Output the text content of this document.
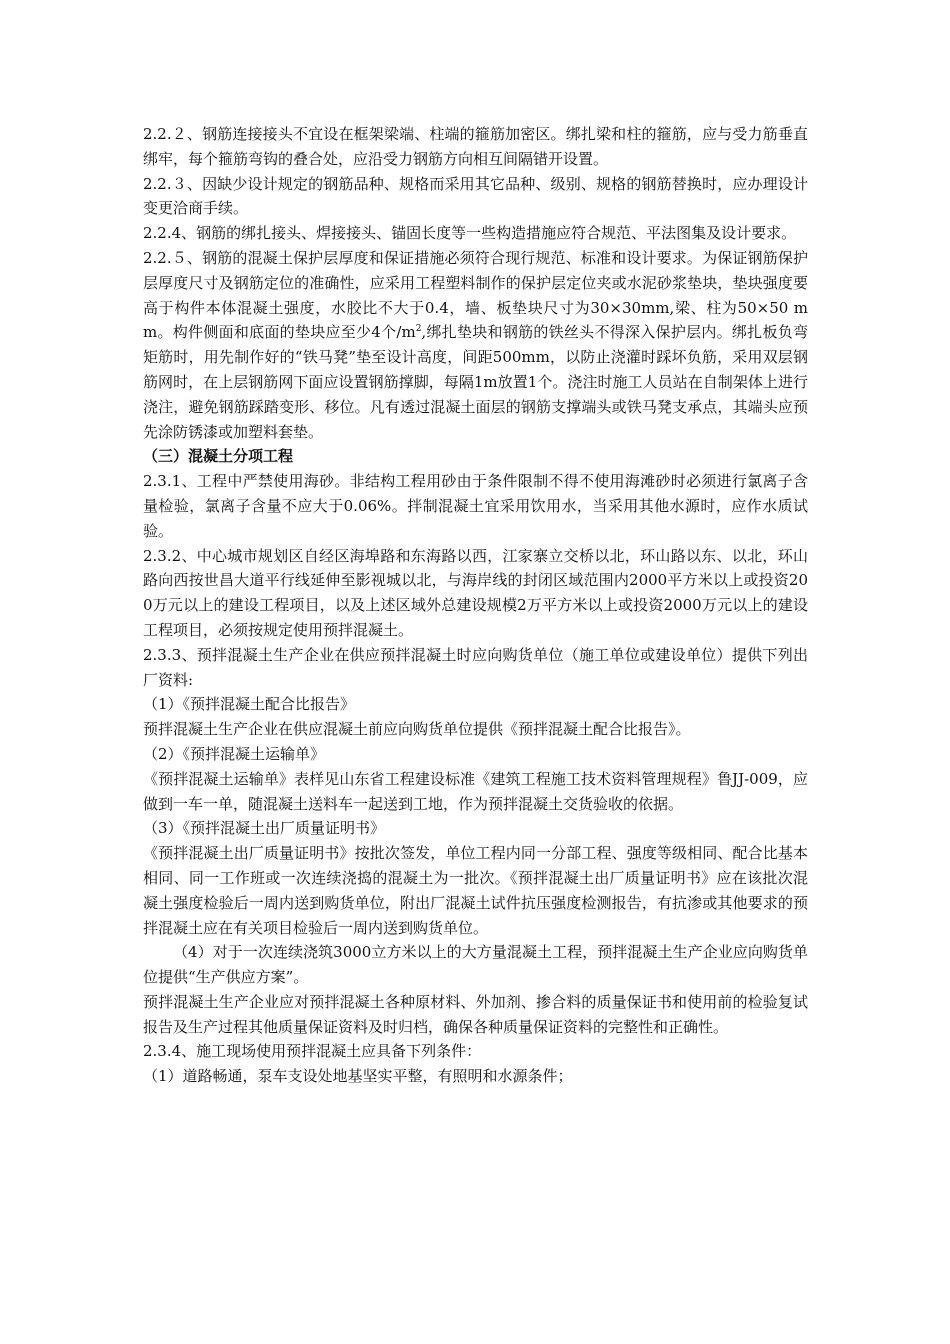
2.2.２、钢筋连接接头不宜设在框架梁端、柱端的箍筋加密区。绑扎梁和柱的箍筋，应与受力筋垂直绑牢，每个箍筋弯钩的叠合处，应沿受力钢筋方向相互间隔错开设置。

2.2.３、因缺少设计规定的钢筋品种、规格而采用其它品种、级别、规格的钢筋替换时，应办理设计变更洽商手续。

2.2.4、钢筋的绑扎接头、焊接接头、锚固长度等一些构造措施应符合规范、平法图集及设计要求。

2.2.５、钢筋的混凝土保护层厚度和保证措施必须符合现行规范、标准和设计要求。为保证钢筋保护层厚度尺寸及钢筋定位的准确性，应采用工程塑料制作的保护层定位夹或水泥砂浆垫块，垫块强度要高于构件本体混凝土强度，水胶比不大于0.4，墙、板垫块尺寸为30×30mm,梁、柱为50×50 mm。构件侧面和底面的垫块应至少4个$/m^2$,绑扎垫块和钢筋的铁丝头不得深入保护层内。绑扎板负弯矩筋时，用先制作好的“铁马凳”垫至设计高度，间距500mm，以防止浇灌时踩坏负筋，采用双层钢筋网时，在上层钢筋网下面应设置钢筋撑脚，每隔1m放置1个。浇注时施工人员站在自制架体上进行浇注，避免钢筋踩踏变形、移位。凡有透过混凝土面层的钢筋支撑端头或铁马凳支承点，其端头应预先涂防锈漆或加塑料套垫。

（三）混凝土分项工程

2.3.1、工程中严禁使用海砂。非结构工程用砂由于条件限制不得不使用海滩砂时必须进行氯离子含量检验，氯离子含量不应大于0.06%。拌制混凝土宜采用饮用水，当采用其他水源时，应作水质试验。

2.3.2、中心城市规划区自经区海埠路和东海路以西，江家寨立交桥以北，环山路以东、以北，环山路向西按世昌大道平行线延伸至影视城以北，与海岸线的封闭区域范围内2000平方米以上或投资200万元以上的建设工程项目，以及上述区域外总建设规模2万平方米以上或投资2000万元以上的建设工程项目，必须按规定使用预拌混凝土。

2.3.3、预拌混凝土生产企业在供应预拌混凝土时应向购货单位（施工单位或建设单位）提供下列出厂资料:

（1）《预拌混凝土配合比报告》

预拌混凝土生产企业在供应混凝土前应向购货单位提供《预拌混凝土配合比报告》。

（2）《预拌混凝土运输单》

《预拌混凝土运输单》表样见山东省工程建设标准《建筑工程施工技术资料管理规程》鲁JJ-009，应做到一车一单，随混凝土送料车一起送到工地，作为预拌混凝土交货验收的依据。

（3）《预拌混凝土出厂质量证明书》

《预拌混凝土出厂质量证明书》按批次签发，单位工程内同一分部工程、强度等级相同、配合比基本相同、同一工作班或一次连续浇捣的混凝土为一批次。《预拌混凝土出厂质量证明书》应在该批次混凝土强度检验后一周内送到购货单位，附出厂混凝土试件抗压强度检测报告，有抗渗或其他要求的预拌混凝土应在有关项目检验后一周内送到购货单位。

（4）对于一次连续浇筑3000立方米以上的大方量混凝土工程，预拌混凝土生产企业应向购货单位提供“生产供应方案”。

预拌混凝土生产企业应对预拌混凝土各种原材料、外加剂、掺合料的质量保证书和使用前的检验复试报告及生产过程其他质量保证资料及时归档，确保各种质量保证资料的完整性和正确性。

2.3.4、施工现场使用预拌混凝土应具备下列条件：

（1）道路畅通，泵车支设处地基坚实平整，有照明和水源条件；
